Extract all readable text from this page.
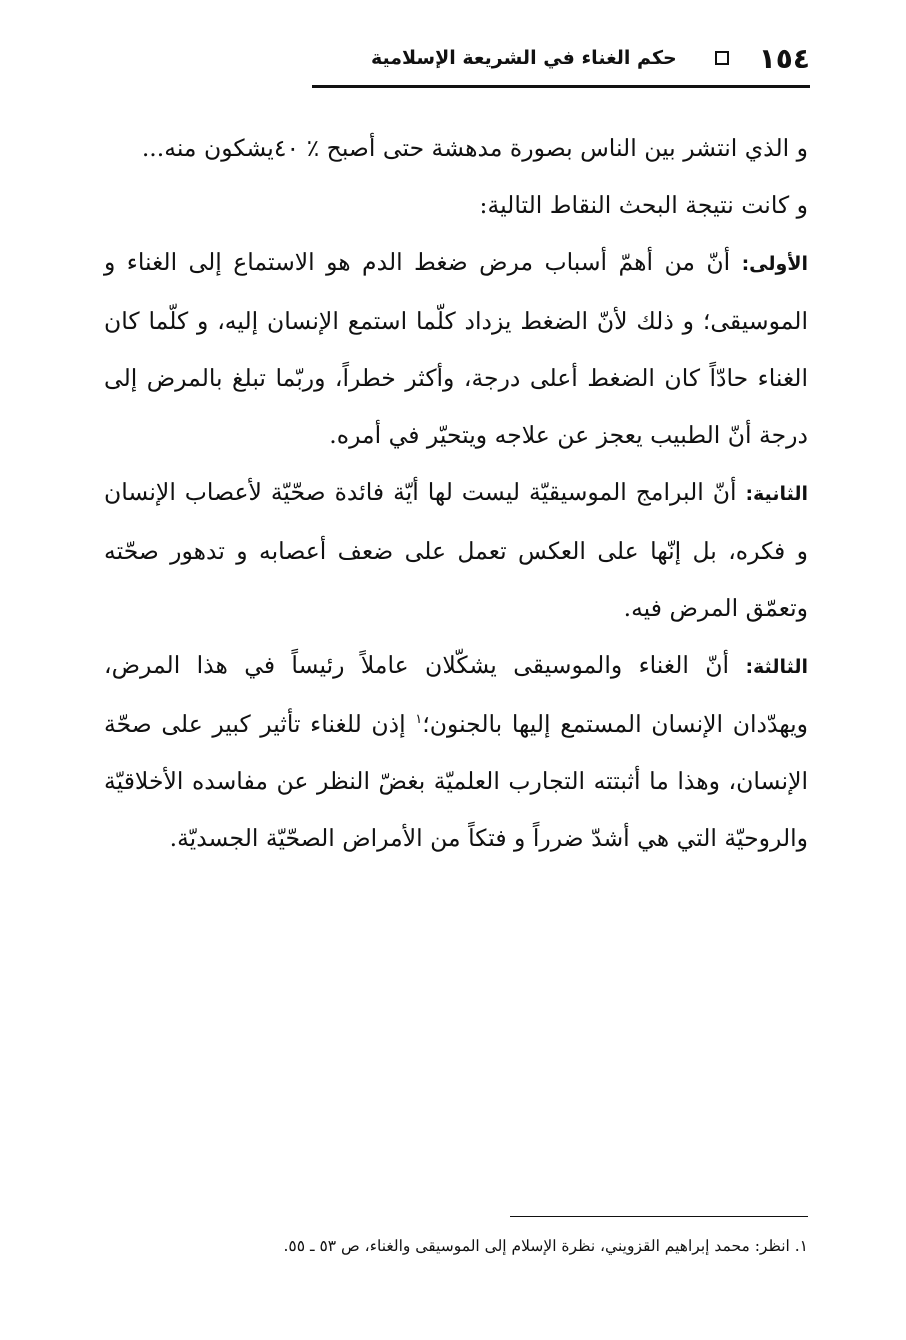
١٥٤
حكم الغناء في الشريعة الإسلامية

و الذي انتشر بين الناس بصورة مدهشة حتى أصبح ٪ ٤٠يشكون منه...
و كانت نتيجة البحث النقاط التالية:

الأولى: أنّ من أهمّ أسباب مرض ضغط الدم هو الاستماع إلى الغناء و الموسيقى؛ و ذلك لأنّ الضغط يزداد كلّما استمع الإنسان إليه، و كلّما كان الغناء حادّاً كان الضغط أعلى درجة، وأكثر خطراً، وربّما تبلغ بالمرض إلى درجة أنّ الطبيب يعجز عن علاجه ويتحيّر في أمره.

الثانية: أنّ البرامج الموسيقيّة ليست لها أيّة فائدة صحّيّة لأعصاب الإنسان و فكره، بل إنّها على العكس تعمل على ضعف أعصابه و تدهور صحّته وتعمّق المرض فيه.

الثالثة: أنّ الغناء والموسيقى يشكّلان عاملاً رئيساً في هذا المرض، ويهدّدان الإنسان المستمع إليها بالجنون؛$^١$ إذن للغناء تأثير كبير على صحّة الإنسان، وهذا ما أثبتته التجارب العلميّة بغضّ النظر عن مفاسده الأخلاقيّة والروحيّة التي هي أشدّ ضرراً و فتكاً من الأمراض الصحّيّة الجسديّة.

١. انظر: محمد إبراهيم القزويني، نظرة الإسلام إلى الموسيقى والغناء، ص ٥٣ ـ ٥٥.
